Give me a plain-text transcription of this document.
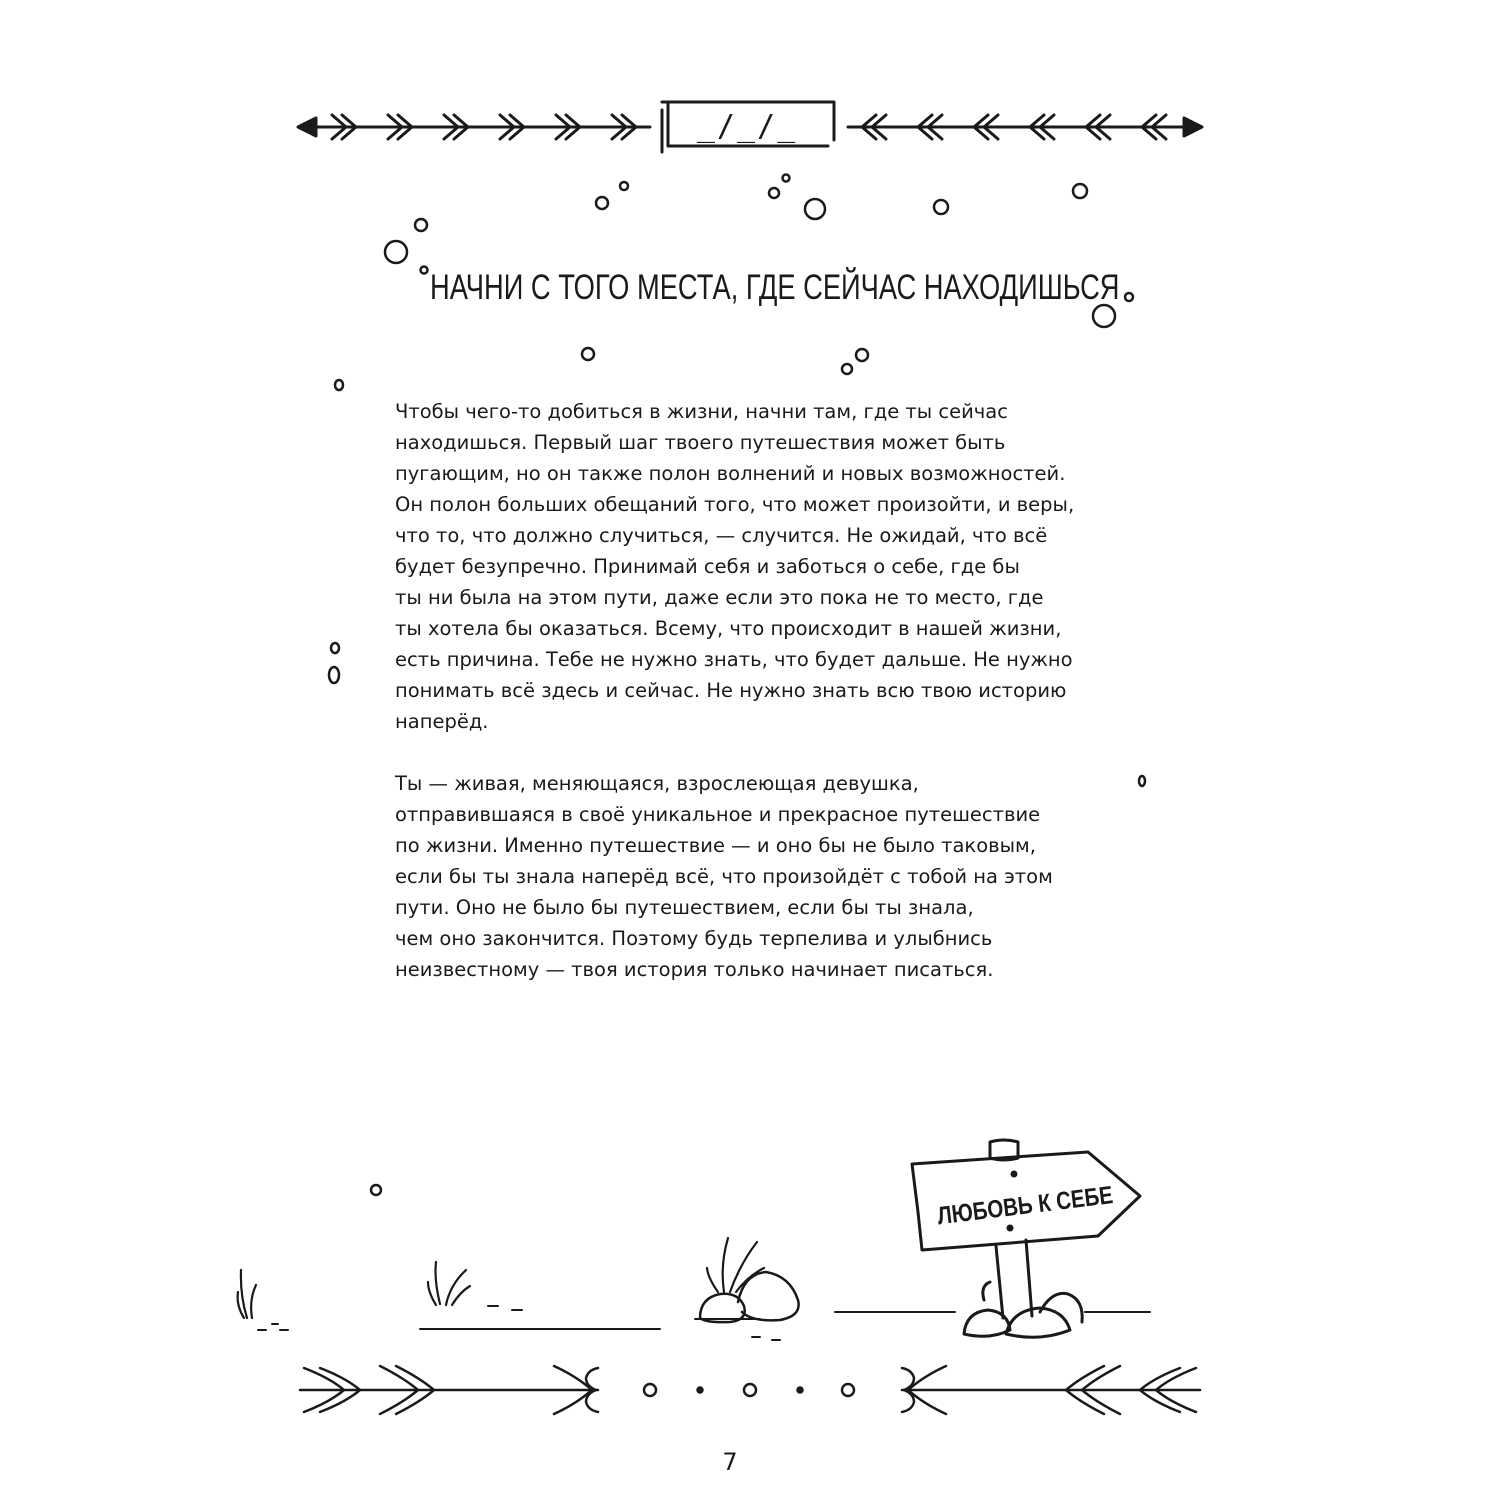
_/_/_
НАЧНИ С ТОГО МЕСТА, ГДЕ СЕЙЧАС НАХОДИШЬСЯ

Чтобы чего-то добиться в жизни, начни там, где ты сейчас
находишься. Первый шаг твоего путешествия может быть
пугающим, но он также полон волнений и новых возможностей.
Он полон больших обещаний того, что может произойти, и веры,
что то, что должно случиться, — случится. Не ожидай, что всё
будет безупречно. Принимай себя и заботься о себе, где бы
ты ни была на этом пути, даже если это пока не то место, где
ты хотела бы оказаться. Всему, что происходит в нашей жизни,
есть причина. Тебе не нужно знать, что будет дальше. Не нужно
понимать всё здесь и сейчас. Не нужно знать всю твою историю
наперёд.

Ты — живая, меняющаяся, взрослеющая девушка,
отправившаяся в своё уникальное и прекрасное путешествие
по жизни. Именно путешествие — и оно бы не было таковым,
если бы ты знала наперёд всё, что произойдёт с тобой на этом
пути. Оно не было бы путешествием, если бы ты знала,
чем оно закончится. Поэтому будь терпелива и улыбнись
неизвестному — твоя история только начинает писаться.

ЛЮБОВЬ К СЕБЕ
7
